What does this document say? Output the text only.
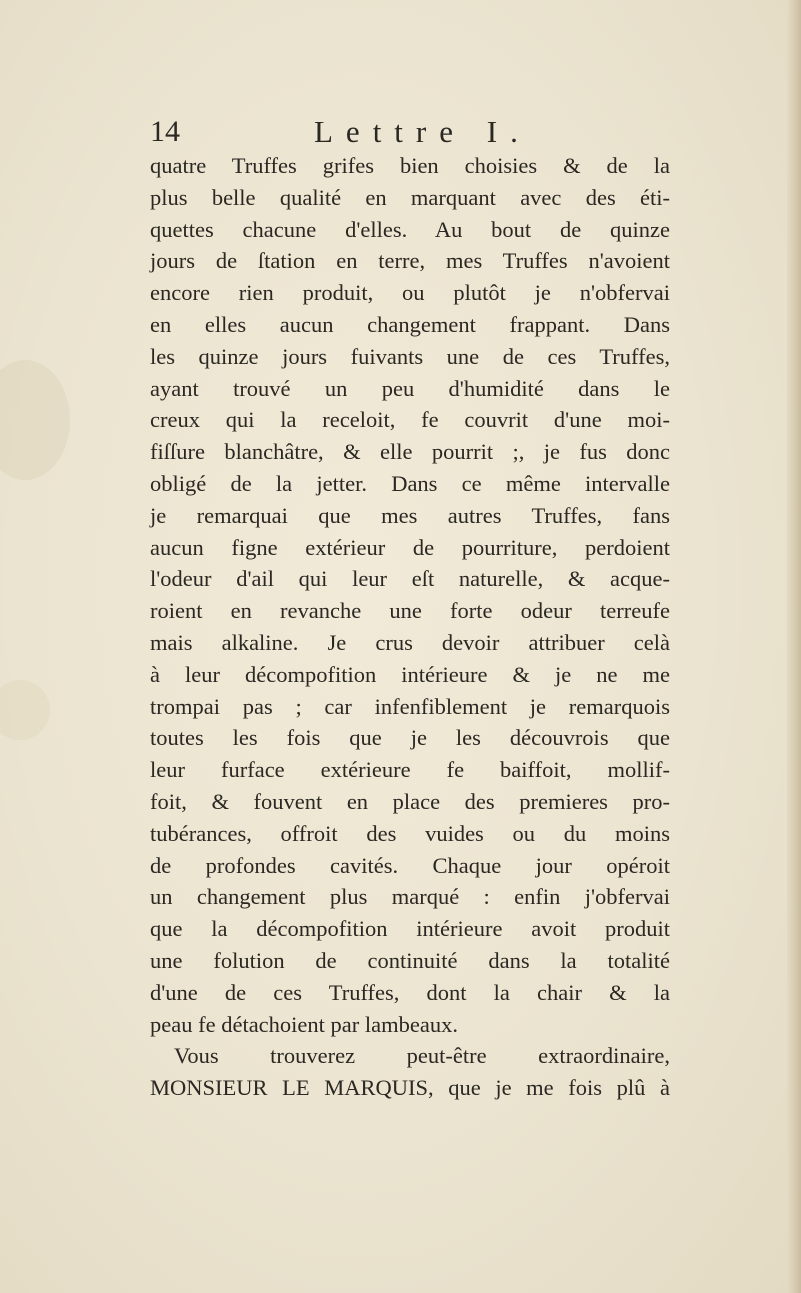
14	Lettre I.
quatre Truffes grifes bien choisies & de la
plus belle qualité en marquant avec des éti-
quettes chacune d'elles. Au bout de quinze
jours de ſtation en terre, mes Truffes n'avoient
encore rien produit, ou plutôt je n'obfervai
en elles aucun changement frappant. Dans
les quinze jours fuivants une de ces Truffes,
ayant trouvé un peu d'humidité dans le
creux qui la receloit, fe couvrit d'une moi-
fiſſure blanchâtre, & elle pourrit ;, je fus donc
obligé de la jetter. Dans ce même intervalle
je remarquai que mes autres Truffes, fans
aucun figne extérieur de pourriture, perdoient
l'odeur d'ail qui leur eſt naturelle, & acque-
roient en revanche une forte odeur terreufe
mais alkaline. Je crus devoir attribuer celà
à leur décompofition intérieure & je ne me
trompai pas ; car infenfiblement je remarquois
toutes les fois que je les découvrois que
leur furface extérieure fe baiffoit, mollif-
foit, & fouvent en place des premieres pro-
tubérances, offroit des vuides ou du moins
de profondes cavités. Chaque jour opéroit
un changement plus marqué : enfin j'obfervai
que la décompofition intérieure avoit produit
une folution de continuité dans la totalité
d'une de ces Truffes, dont la chair & la
peau fe détachoient par lambeaux.
Vous trouverez peut-être extraordinaire,
MONSIEUR LE MARQUIS, que je me fois plû à
